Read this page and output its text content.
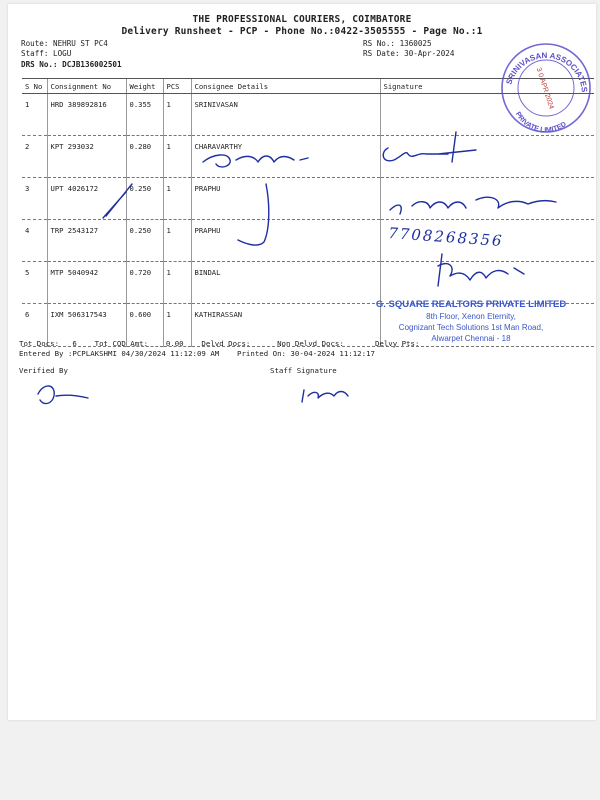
THE PROFESSIONAL COURIERS, COIMBATORE
Delivery Runsheet - PCP - Phone No.:0422-3505555 - Page No.:1
Route: NEHRU ST PC4
Staff: LOGU
DRS No.: DCJB136002501
RS No.: 1360025
RS Date: 30-Apr-2024
S No	Consignment No	Weight	PCS	Consignee Details	Signature
1	HRD 389892816	0.355	1	SRINIVASAN	
2	KPT 293032	0.280	1	CHARAVARTHY	
3	UPT 4026172	0.250	1	PRAPHU	
4	TRP 2543127	0.250	1	PRAPHU	
5	MTP 5040942	0.720	1	BINDAL	
6	IXM 506317543	0.600	1	KATHIRASSAN	
Tot Docs:   6    Tot COD Amt:    0.00    Delvd Docs:      Non Delvd Docs:       Delvy Pts:
Entered By :PCPLAKSHMI 04/30/2024 11:12:09 AM    Printed On: 30-04-2024 11:12:17
Verified By	Staff Signature
SRINIVASAN ASSOCIATES
PRIVATE LIMITED
3 0 APR 2024
7708268356
G. SQUARE REALTORS PRIVATE LIMITED
8th Floor, Xenon Eternity,
Cognizant Tech Solutions 1st Man Road,
Alwarpet Chennai - 18
